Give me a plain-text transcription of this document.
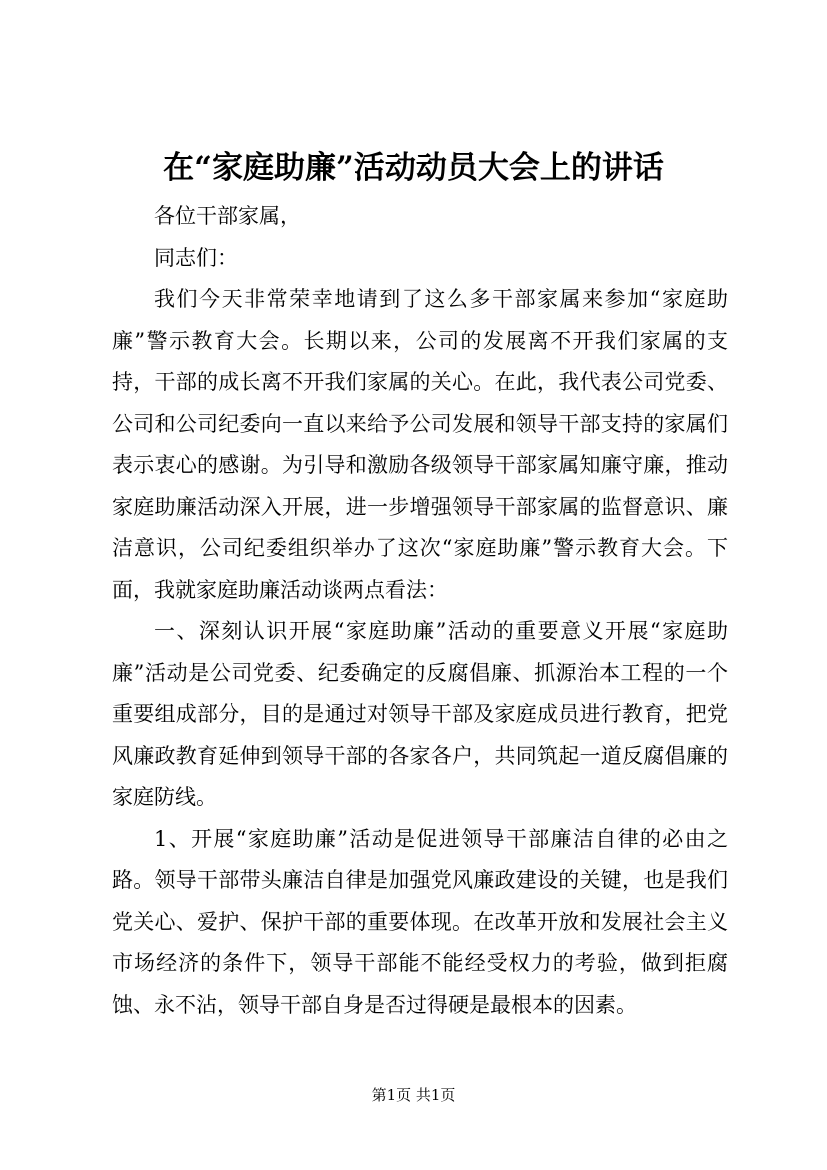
在“家庭助廉”活动动员大会上的讲话

各位干部家属，

同志们：

我们今天非常荣幸地请到了这么多干部家属来参加“家庭助廉”警示教育大会。长期以来，公司的发展离不开我们家属的支持，干部的成长离不开我们家属的关心。在此，我代表公司党委、公司和公司纪委向一直以来给予公司发展和领导干部支持的家属们表示衷心的感谢。为引导和激励各级领导干部家属知廉守廉，推动家庭助廉活动深入开展，进一步增强领导干部家属的监督意识、廉洁意识，公司纪委组织举办了这次“家庭助廉”警示教育大会。下面，我就家庭助廉活动谈两点看法：

一、深刻认识开展“家庭助廉”活动的重要意义开展“家庭助廉”活动是公司党委、纪委确定的反腐倡廉、抓源治本工程的一个重要组成部分，目的是通过对领导干部及家庭成员进行教育，把党风廉政教育延伸到领导干部的各家各户，共同筑起一道反腐倡廉的家庭防线。

1、开展“家庭助廉”活动是促进领导干部廉洁自律的必由之路。领导干部带头廉洁自律是加强党风廉政建设的关键，也是我们党关心、爱护、保护干部的重要体现。在改革开放和发展社会主义市场经济的条件下，领导干部能不能经受权力的考验，做到拒腐蚀、永不沾，领导干部自身是否过得硬是最根本的因素。

第1页 共1页
